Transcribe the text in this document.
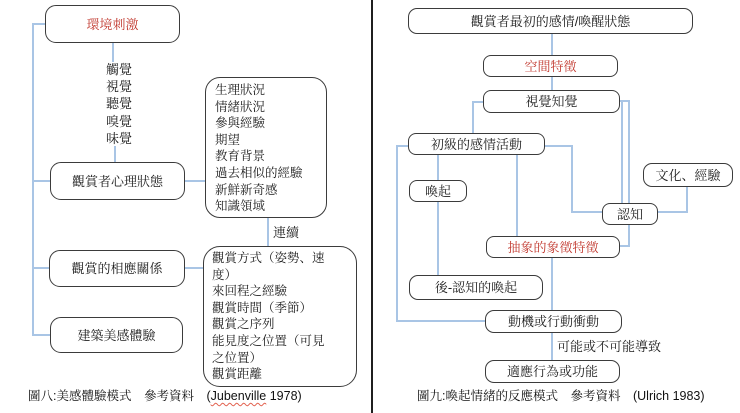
環境刺激
觸覺
視覺
聽覺
嗅覺
味覺
觀賞者心理狀態
生理狀況
情緒狀況
參與經驗
期望
教育背景
過去相似的經驗
新鮮新奇感
知識領域
連續
觀賞的相應關係
觀賞方式（姿勢、速度）
來回程之經驗
觀賞時間（季節）
觀賞之序列
能見度之位置（可見之位置）
觀賞距離
建築美感體驗
圖八:美感體驗模式　參考資料　(Jubenville 1978)
觀賞者最初的感情/喚醒狀態
空間特徵
視覺知覺
初級的感情活動
喚起
文化、經驗
認知
抽象的象徵特徵
後-認知的喚起
動機或行動衝動
可能或不可能導致
適應行為或功能
圖九:喚起情緒的反應模式　參考資料　(Ulrich 1983)
